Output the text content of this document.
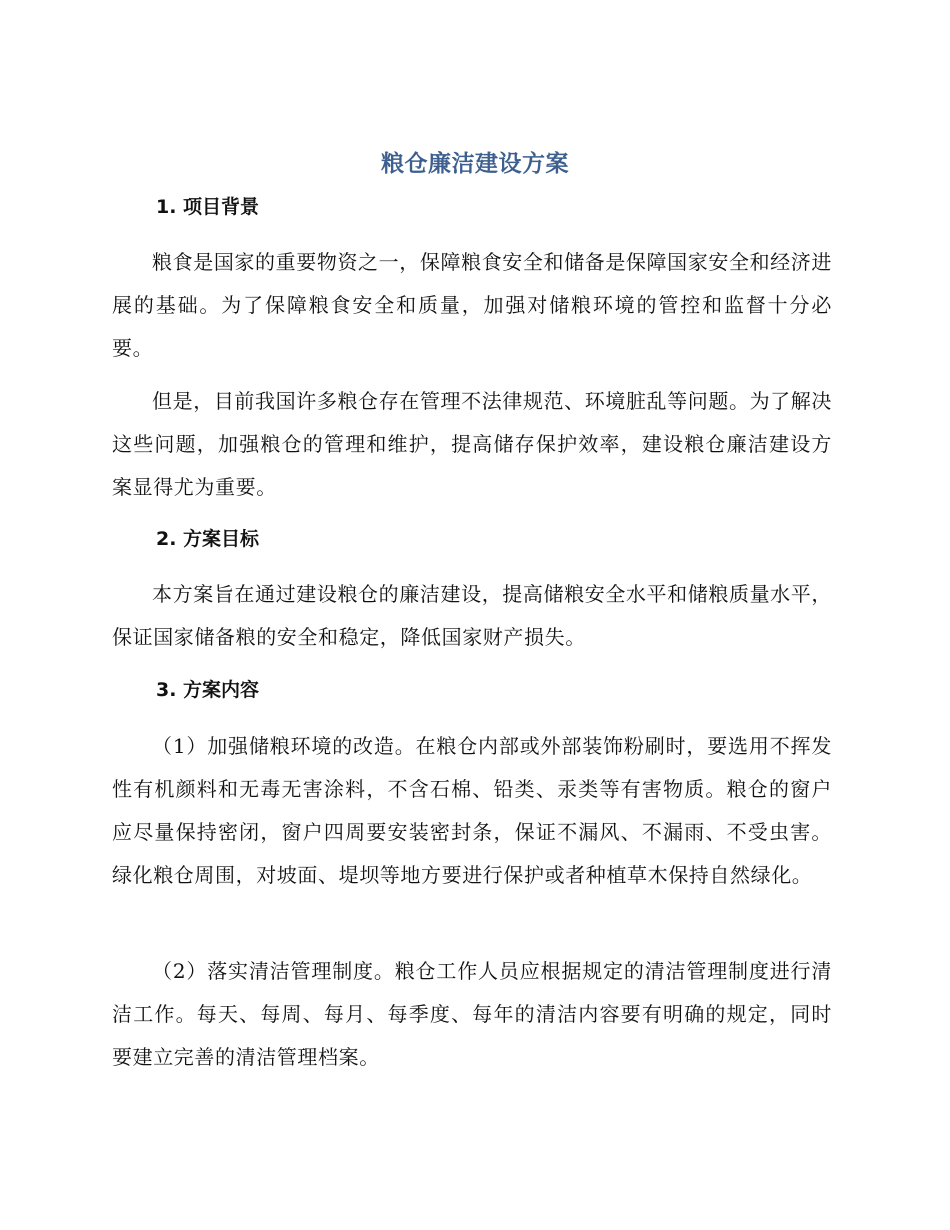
粮仓廉洁建设方案
1. 项目背景
粮食是国家的重要物资之一，保障粮食安全和储备是保障国家安全和经济进展的基础。为了保障粮食安全和质量，加强对储粮环境的管控和监督十分必要。
但是，目前我国许多粮仓存在管理不法律规范、环境脏乱等问题。为了解决这些问题，加强粮仓的管理和维护，提高储存保护效率，建设粮仓廉洁建设方案显得尤为重要。
2. 方案目标
本方案旨在通过建设粮仓的廉洁建设，提高储粮安全水平和储粮质量水平，保证国家储备粮的安全和稳定，降低国家财产损失。
3. 方案内容
（1）加强储粮环境的改造。在粮仓内部或外部装饰粉刷时，要选用不挥发性有机颜料和无毒无害涂料，不含石棉、铅类、汞类等有害物质。粮仓的窗户应尽量保持密闭，窗户四周要安装密封条，保证不漏风、不漏雨、不受虫害。绿化粮仓周围，对坡面、堤坝等地方要进行保护或者种植草木保持自然绿化。
（2）落实清洁管理制度。粮仓工作人员应根据规定的清洁管理制度进行清洁工作。每天、每周、每月、每季度、每年的清洁内容要有明确的规定，同时要建立完善的清洁管理档案。
